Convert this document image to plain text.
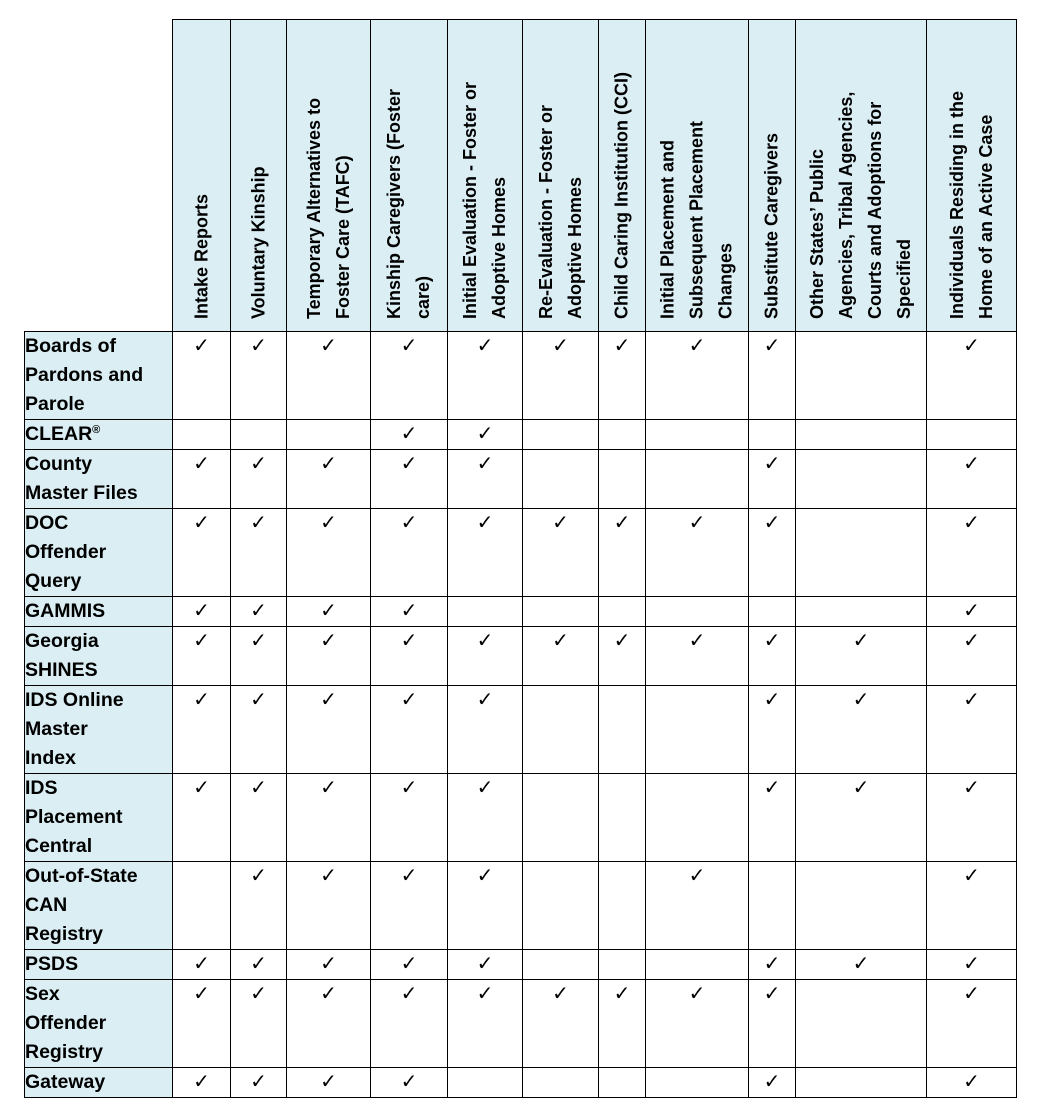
	Intake Reports	Voluntary Kinship	Temporary Alternatives to Foster Care (TAFC)	Kinship Caregivers (Foster care)	Initial Evaluation - Foster or Adoptive Homes	Re-Evaluation - Foster or Adoptive Homes	Child Caring Institution (CCI)	Initial Placement and Subsequent Placement Changes	Substitute Caregivers	Other States’ Public Agencies, Tribal Agencies, Courts and Adoptions for Specified	Individuals Residing in the Home of an Active Case

Boards of
Pardons and
Parole	✓	✓	✓	✓	✓	✓	✓	✓	✓		✓
CLEAR®				✓	✓						
County
Master Files	✓	✓	✓	✓	✓				✓		✓
DOC
Offender
Query	✓	✓	✓	✓	✓	✓	✓	✓	✓		✓
GAMMIS	✓	✓	✓	✓							✓
Georgia
SHINES	✓	✓	✓	✓	✓	✓	✓	✓	✓	✓	✓
IDS Online
Master
Index	✓	✓	✓	✓	✓				✓	✓	✓
IDS
Placement
Central	✓	✓	✓	✓	✓				✓	✓	✓
Out-of-State
CAN
Registry		✓	✓	✓	✓			✓			✓
PSDS	✓	✓	✓	✓	✓				✓	✓	✓
Sex
Offender
Registry	✓	✓	✓	✓	✓	✓	✓	✓	✓		✓
Gateway	✓	✓	✓	✓					✓		✓
